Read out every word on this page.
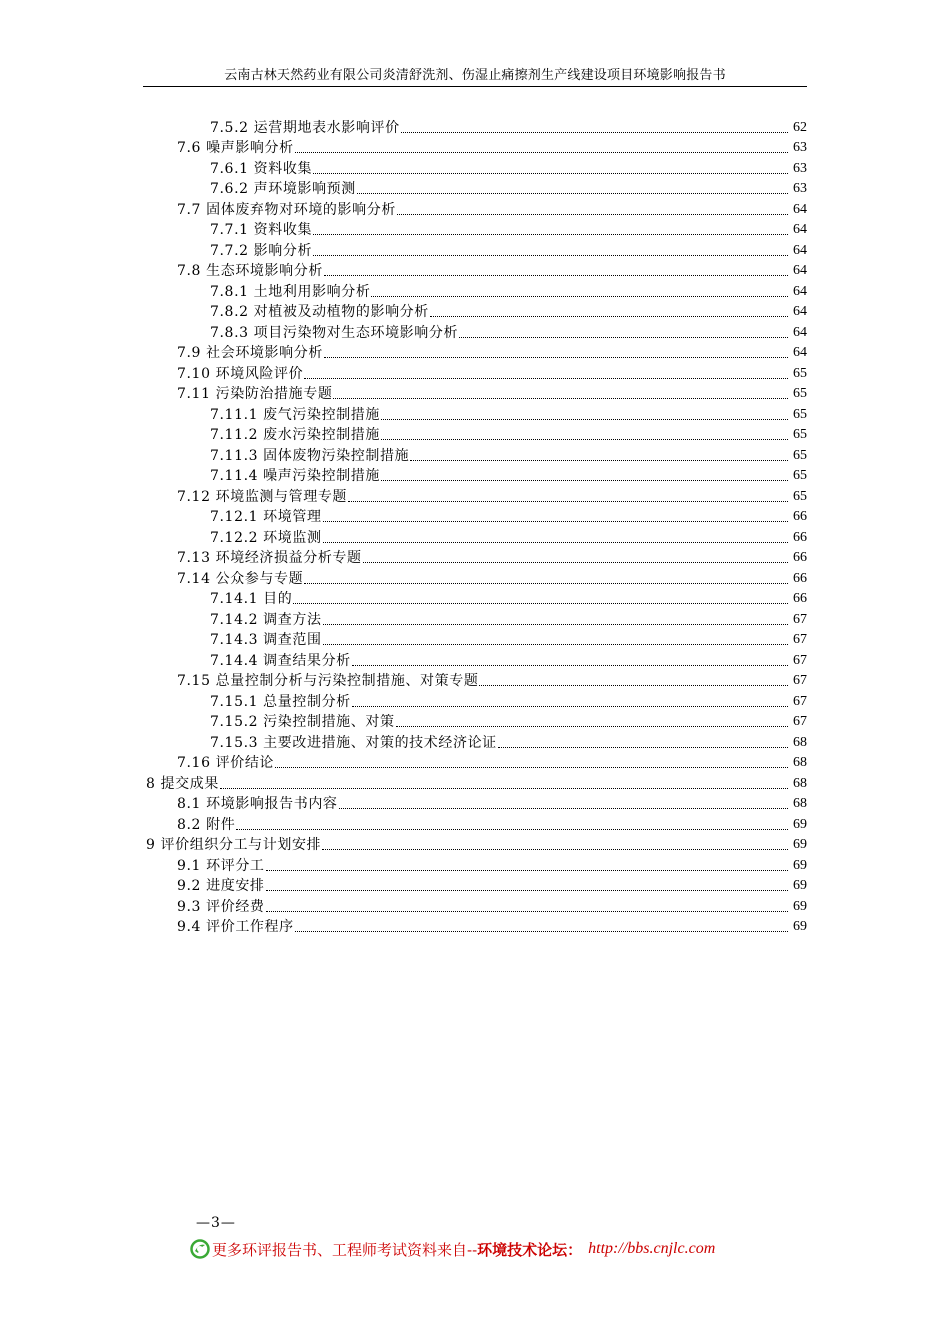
云南古林天然药业有限公司炎清舒洗剂、伤湿止痛擦剂生产线建设项目环境影响报告书
7.5.2 运营期地表水影响评价	62
7.6 噪声影响分析	63
7.6.1 资料收集	63
7.6.2 声环境影响预测	63
7.7 固体废弃物对环境的影响分析	64
7.7.1 资料收集	64
7.7.2 影响分析	64
7.8 生态环境影响分析	64
7.8.1 土地利用影响分析	64
7.8.2 对植被及动植物的影响分析	64
7.8.3 项目污染物对生态环境影响分析	64
7.9 社会环境影响分析	64
7.10 环境风险评价	65
7.11 污染防治措施专题	65
7.11.1 废气污染控制措施	65
7.11.2 废水污染控制措施	65
7.11.3 固体废物污染控制措施	65
7.11.4 噪声污染控制措施	65
7.12 环境监测与管理专题	65
7.12.1 环境管理	66
7.12.2 环境监测	66
7.13 环境经济损益分析专题	66
7.14 公众参与专题	66
7.14.1 目的	66
7.14.2 调查方法	67
7.14.3 调查范围	67
7.14.4 调查结果分析	67
7.15 总量控制分析与污染控制措施、对策专题	67
7.15.1 总量控制分析	67
7.15.2 污染控制措施、对策	67
7.15.3 主要改进措施、对策的技术经济论证	68
7.16 评价结论	68
8 提交成果	68
8.1 环境影响报告书内容	68
8.2 附件	69
9 评价组织分工与计划安排	69
9.1 环评分工	69
9.2 进度安排	69
9.3 评价经费	69
9.4 评价工作程序	69
—3—
更多环评报告书、工程师考试资料来自-- 环境技术论坛： http://bbs.cnjlc.com
